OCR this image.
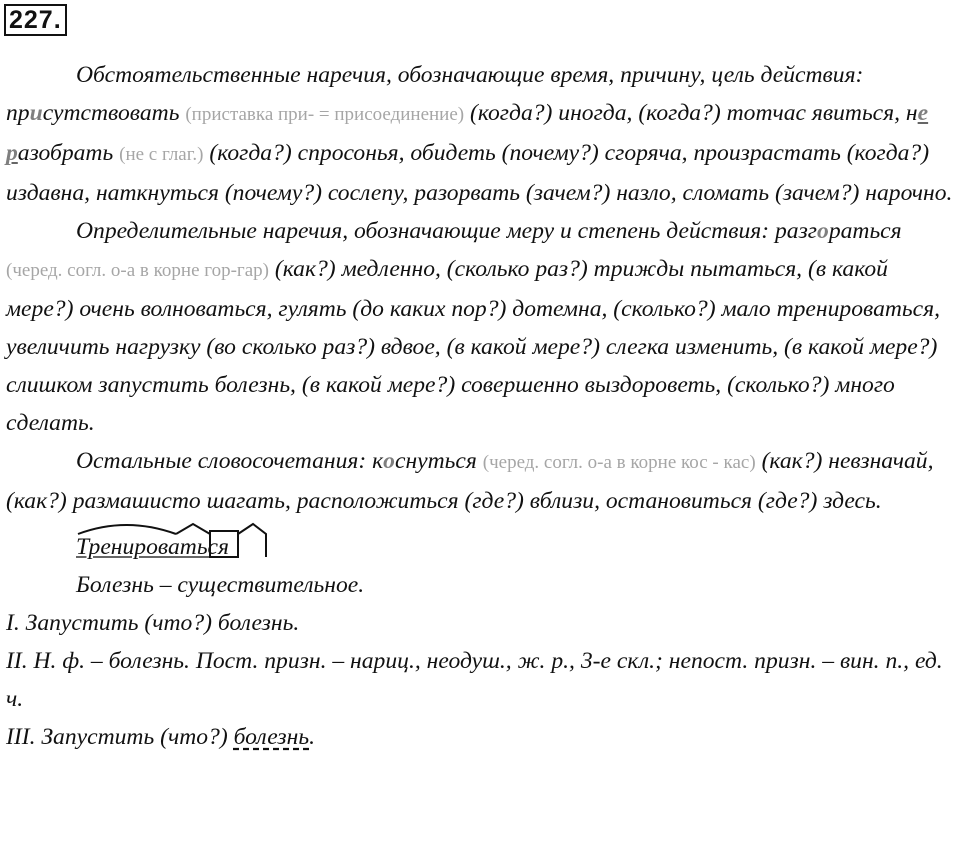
227.

Обстоятельственные наречия, обозначающие время, причину, цель действия: присутствовать (приставка при- = присоединение) (когда?) иногда, (когда?) тотчас явиться, не разобрать (не с глаг.) (когда?) спросонья, обидеть (почему?) сгоряча, произрастать (когда?) издавна, наткнуться (почему?) сослепу, разорвать (зачем?) назло, сломать (зачем?) нарочно.

Определительные наречия, обозначающие меру и степень действия: разгораться (черед. согл. о-а в корне гор-гар) (как?) медленно, (сколько раз?) трижды пытаться, (в какой мере?) очень волноваться, гулять (до каких пор?) дотемна, (сколько?) мало тренироваться, увеличить нагрузку (во сколько раз?) вдвое, (в какой мере?) слегка изменить, (в какой мере?) слишком запустить болезнь, (в какой мере?) совершенно выздороветь, (сколько?) много сделать.

Остальные словосочетания: коснуться (черед. согл. о-а в корне кос - кас) (как?) невзначай, (как?) размашисто шагать, расположиться (где?) вблизи, остановиться (где?) здесь.

Тренироваться

Болезнь – существительное.

I. Запустить (что?) болезнь.

II. Н. ф. – болезнь. Пост. призн. – нариц., неодуш., ж. р., 3-е скл.; непост. призн. – вин. п., ед. ч.

III. Запустить (что?) болезнь.
